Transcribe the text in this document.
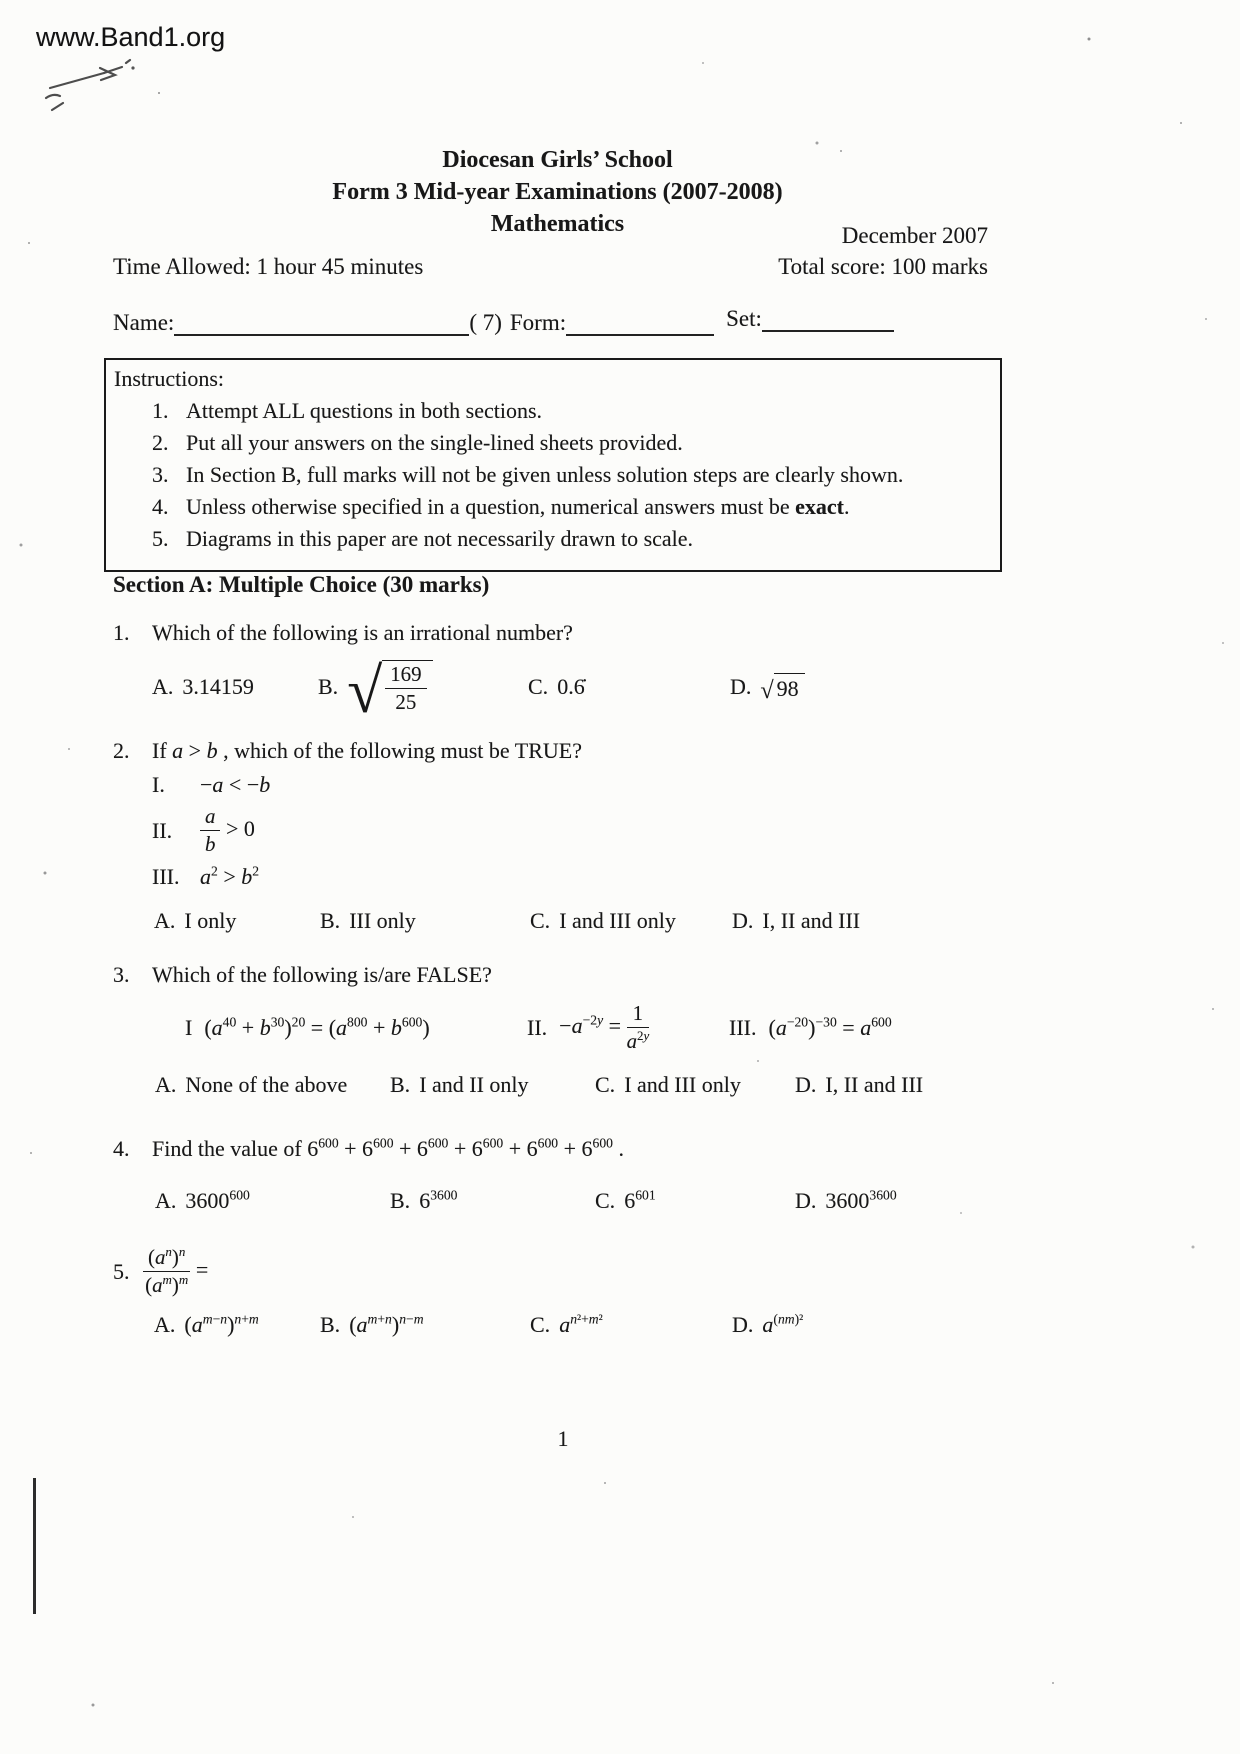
www.Band1.org
Diocesan Girls’ School
Form 3 Mid-year Examinations (2007-2008)
Mathematics	December 2007
Total score: 100 marks
Time Allowed: 1 hour 45 minutes
Name:	( 7) Form:	Set:
Instructions:
1. Attempt ALL questions in both sections.
2. Put all your answers on the single-lined sheets provided.
3. In Section B, full marks will not be given unless solution steps are clearly shown.
4. Unless otherwise specified in a question, numerical answers must be exact.
5. Diagrams in this paper are not necessarily drawn to scale.
Section A: Multiple Choice (30 marks)
1.	Which of the following is an irrational number?
A. 3.14159	B. √ $\frac{169}{25}$	C. 0.6̇	D. √ 98
2.	If a > b , which of the following must be TRUE?
I.	−a < −b
II.	$\frac{a}{b} > 0$
III. $a^2 > b^2$
A. I only	B. III only	C. I and III only	D. I, II and III
3.	Which of the following is/are FALSE?
I $(a^{40} + b^{30})^{20} = (a^{800} + b^{600})$	II. $-a^{-2y} = \frac{1}{a^{2y}}$	III. $(a^{-20})^{-30} = a^{600}$
A. None of the above B. I and II only	C. I and III only D. I, II and III
4.	Find the value of $6^{600} + 6^{600} + 6^{600} + 6^{600} + 6^{600} + 6^{600}$ .
A. 3600$^{600}$	B. $6^{3600}$	C. $6^{601}$	D. $3600^{3600}$
5. $\frac{(a^n)^n}{(a^m)^m}$ =
A. $(a^{m-n})^{n+m}$	B. $(a^{m+n})^{n-m}$	C. $a^{n^2+m^2}$	D. $a^{(nm)^2}$
1
